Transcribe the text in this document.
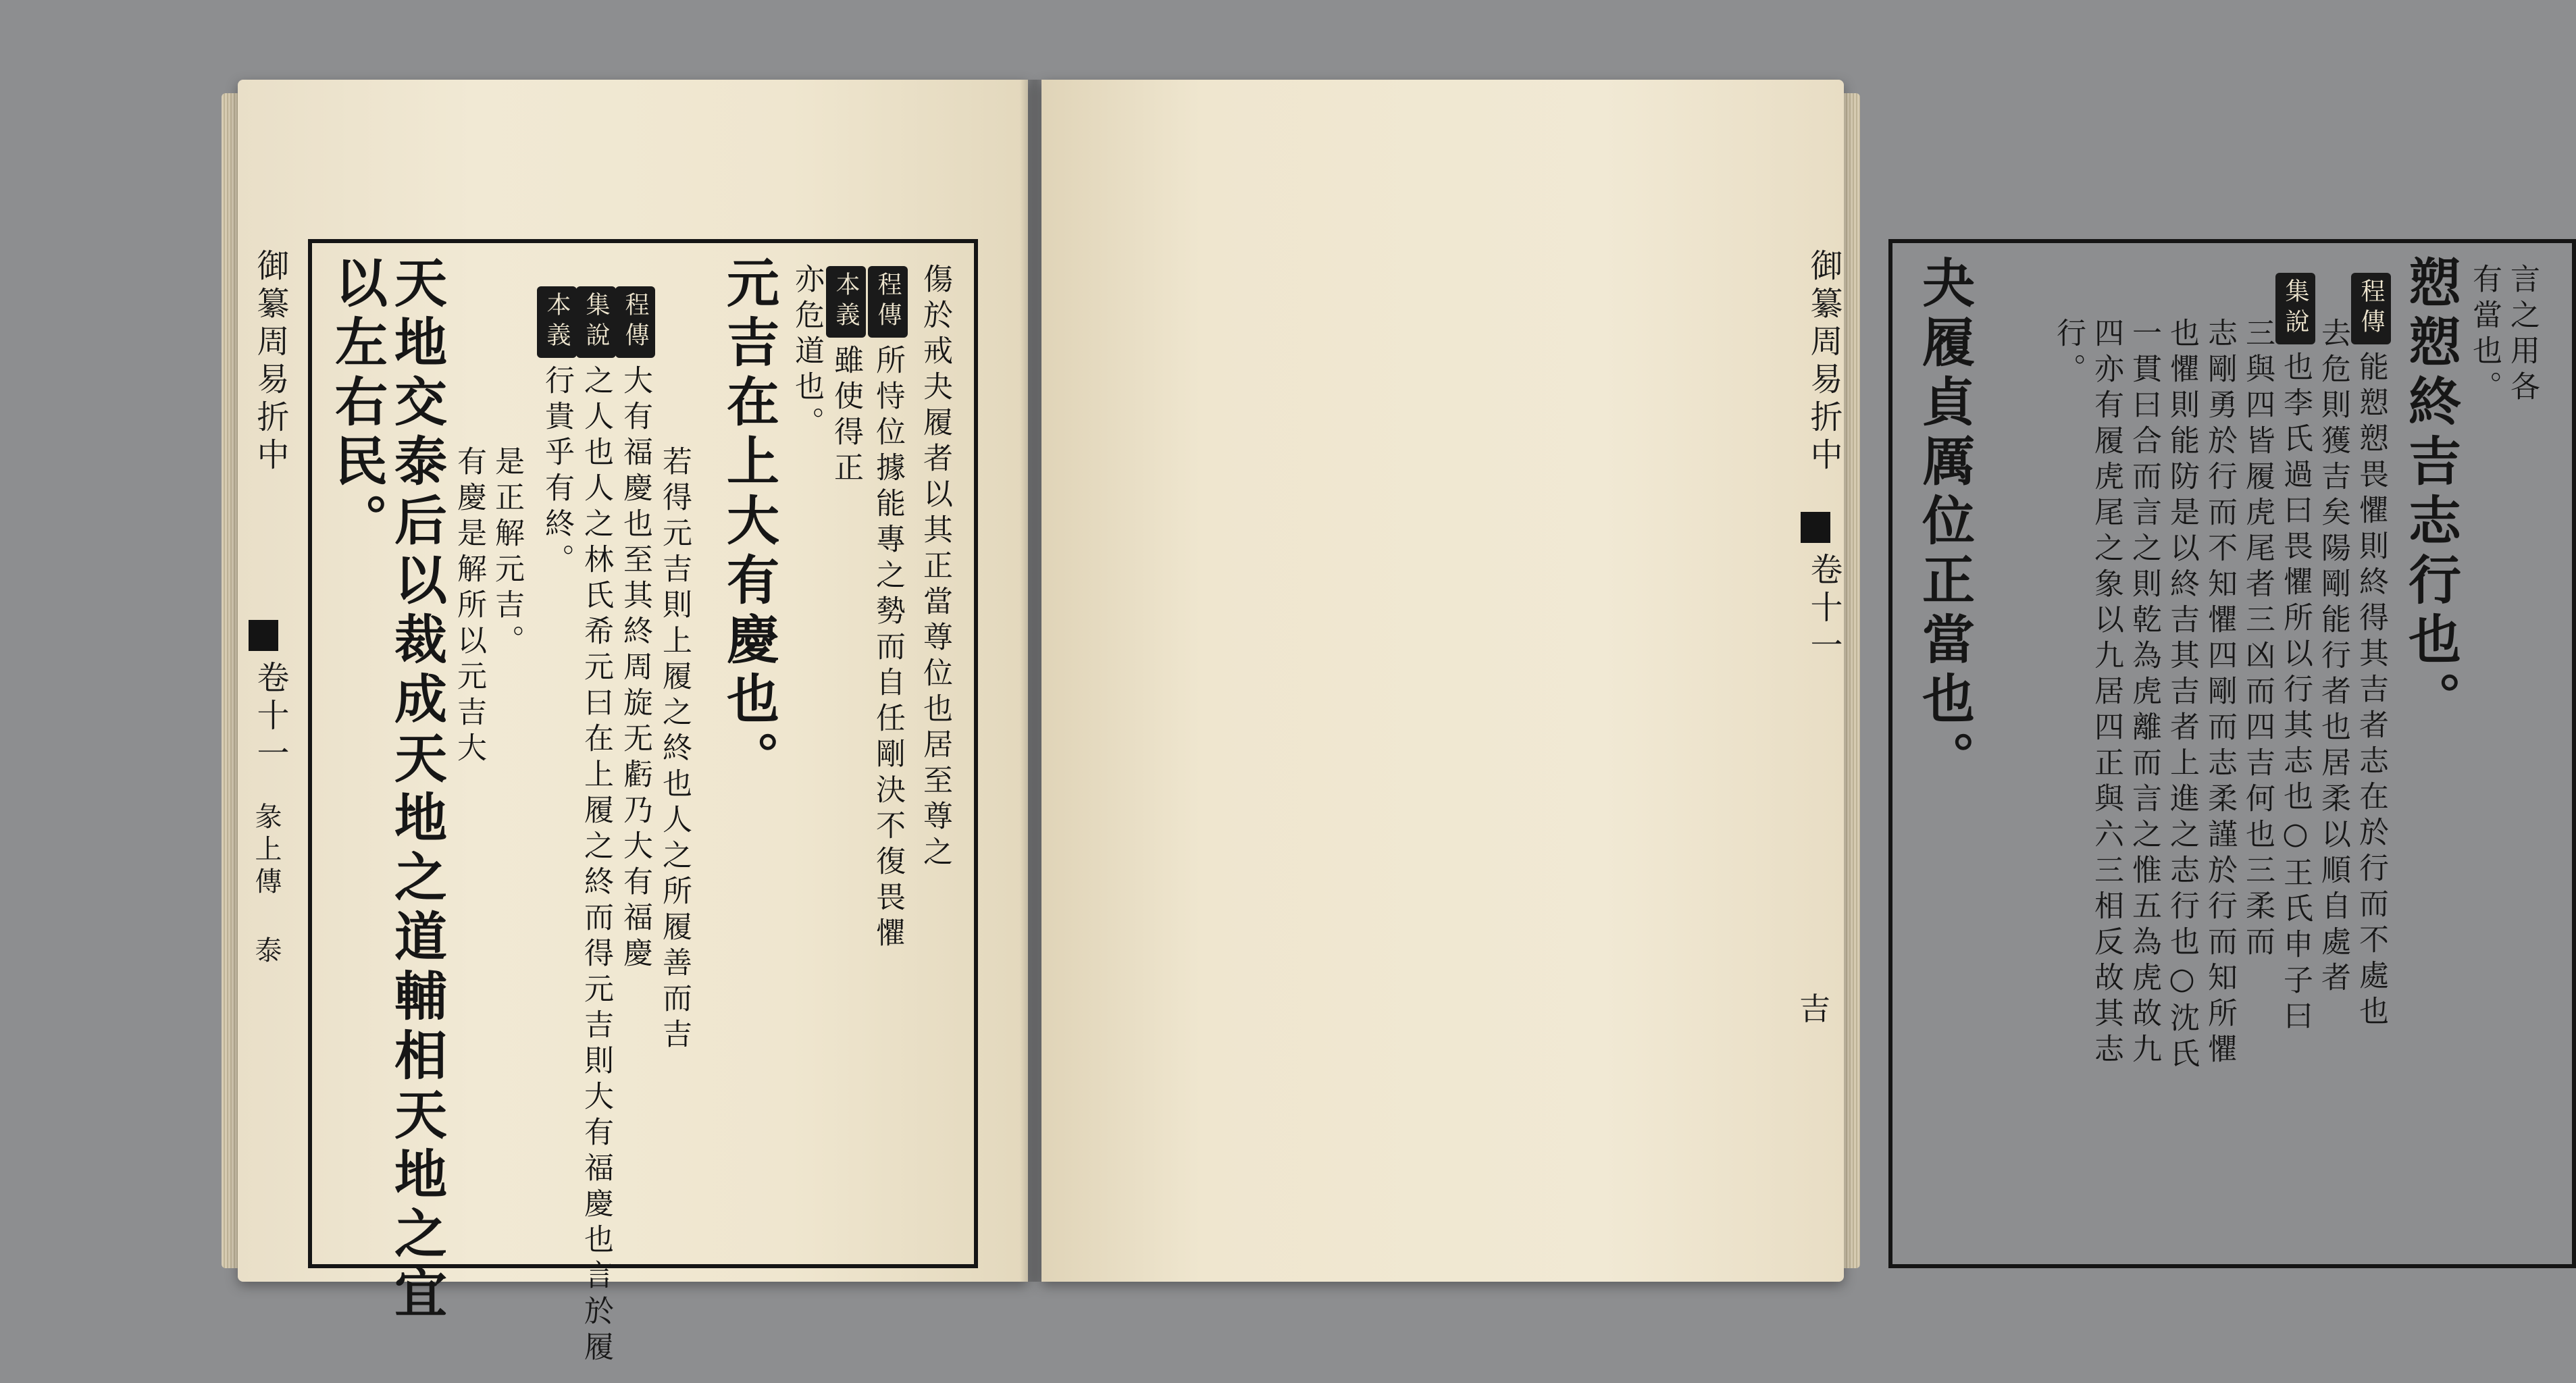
御纂周易折中
卷十一
彖上傳 泰
以左右民。
天地交泰后以裁成天地之道輔相天地之宜 有慶是解所以元吉大 是正解元吉。
本義行貴乎有終。
集說之人也人之林氏希元曰在上履之終而得元吉則大有福慶也言於履
程傳大有福慶也至其終周旋无虧乃大有福慶 若得元吉則上履之終也人之所履善而吉 元吉在上大有慶也。 亦危道也。 本義雖使得正
程傳所恃位據能專之勢而自任剛決不復畏懼 傷於戒夬履者以其正當尊位也居至尊之
	言之用各
有當也。
愬愬終吉志行也。
程傳能愬愬畏懼則終得其吉者志在於行而不處也
去危則獲吉矣陽剛能行者也居柔以順自處者
集說也李氏過曰畏懼所以行其志也○王氏申子曰
三與四皆履虎尾者三凶而四吉何也三柔而
志剛勇於行而不知懼四剛而志柔謹於行而知所懼
也懼則能防是以終吉其吉者上進之志行也○沈氏
一貫曰合而言之則乾為虎離而言之惟五為虎故九
四亦有履虎尾之象以九居四正與六三相反故其志
行。
夬履貞厲位正當也。
御纂周易折中
卷十一
吉
